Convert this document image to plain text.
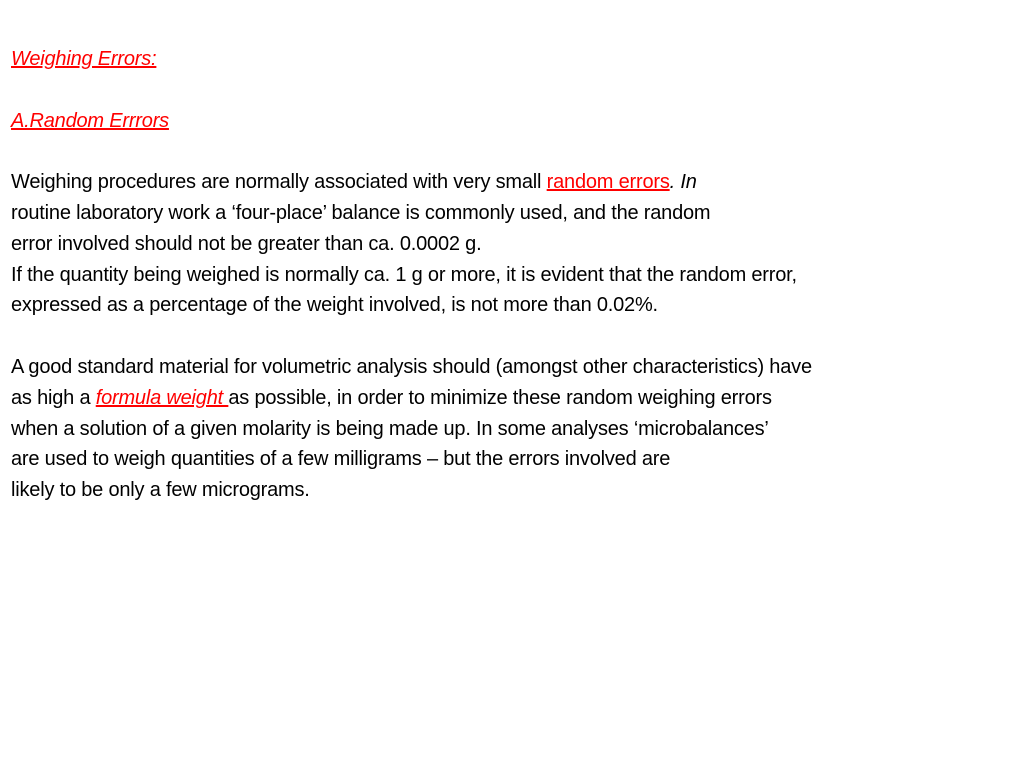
Weighing Errors:
A.Random Errrors
Weighing procedures are normally associated with very small random errors. In
routine laboratory work a ‘four-place’ balance is commonly used, and the random
error involved should not be greater than ca. 0.0002 g.
If the quantity being weighed is normally ca. 1 g or more, it is evident that the random error,
expressed as a percentage of the weight involved, is not more than 0.02%.
A good standard material for volumetric analysis should (amongst other characteristics) have
as high a formula weight as possible, in order to minimize these random weighing errors
when a solution of a given molarity is being made up. In some analyses ‘microbalances’
are used to weigh quantities of a few milligrams – but the errors involved are
likely to be only a few micrograms.
